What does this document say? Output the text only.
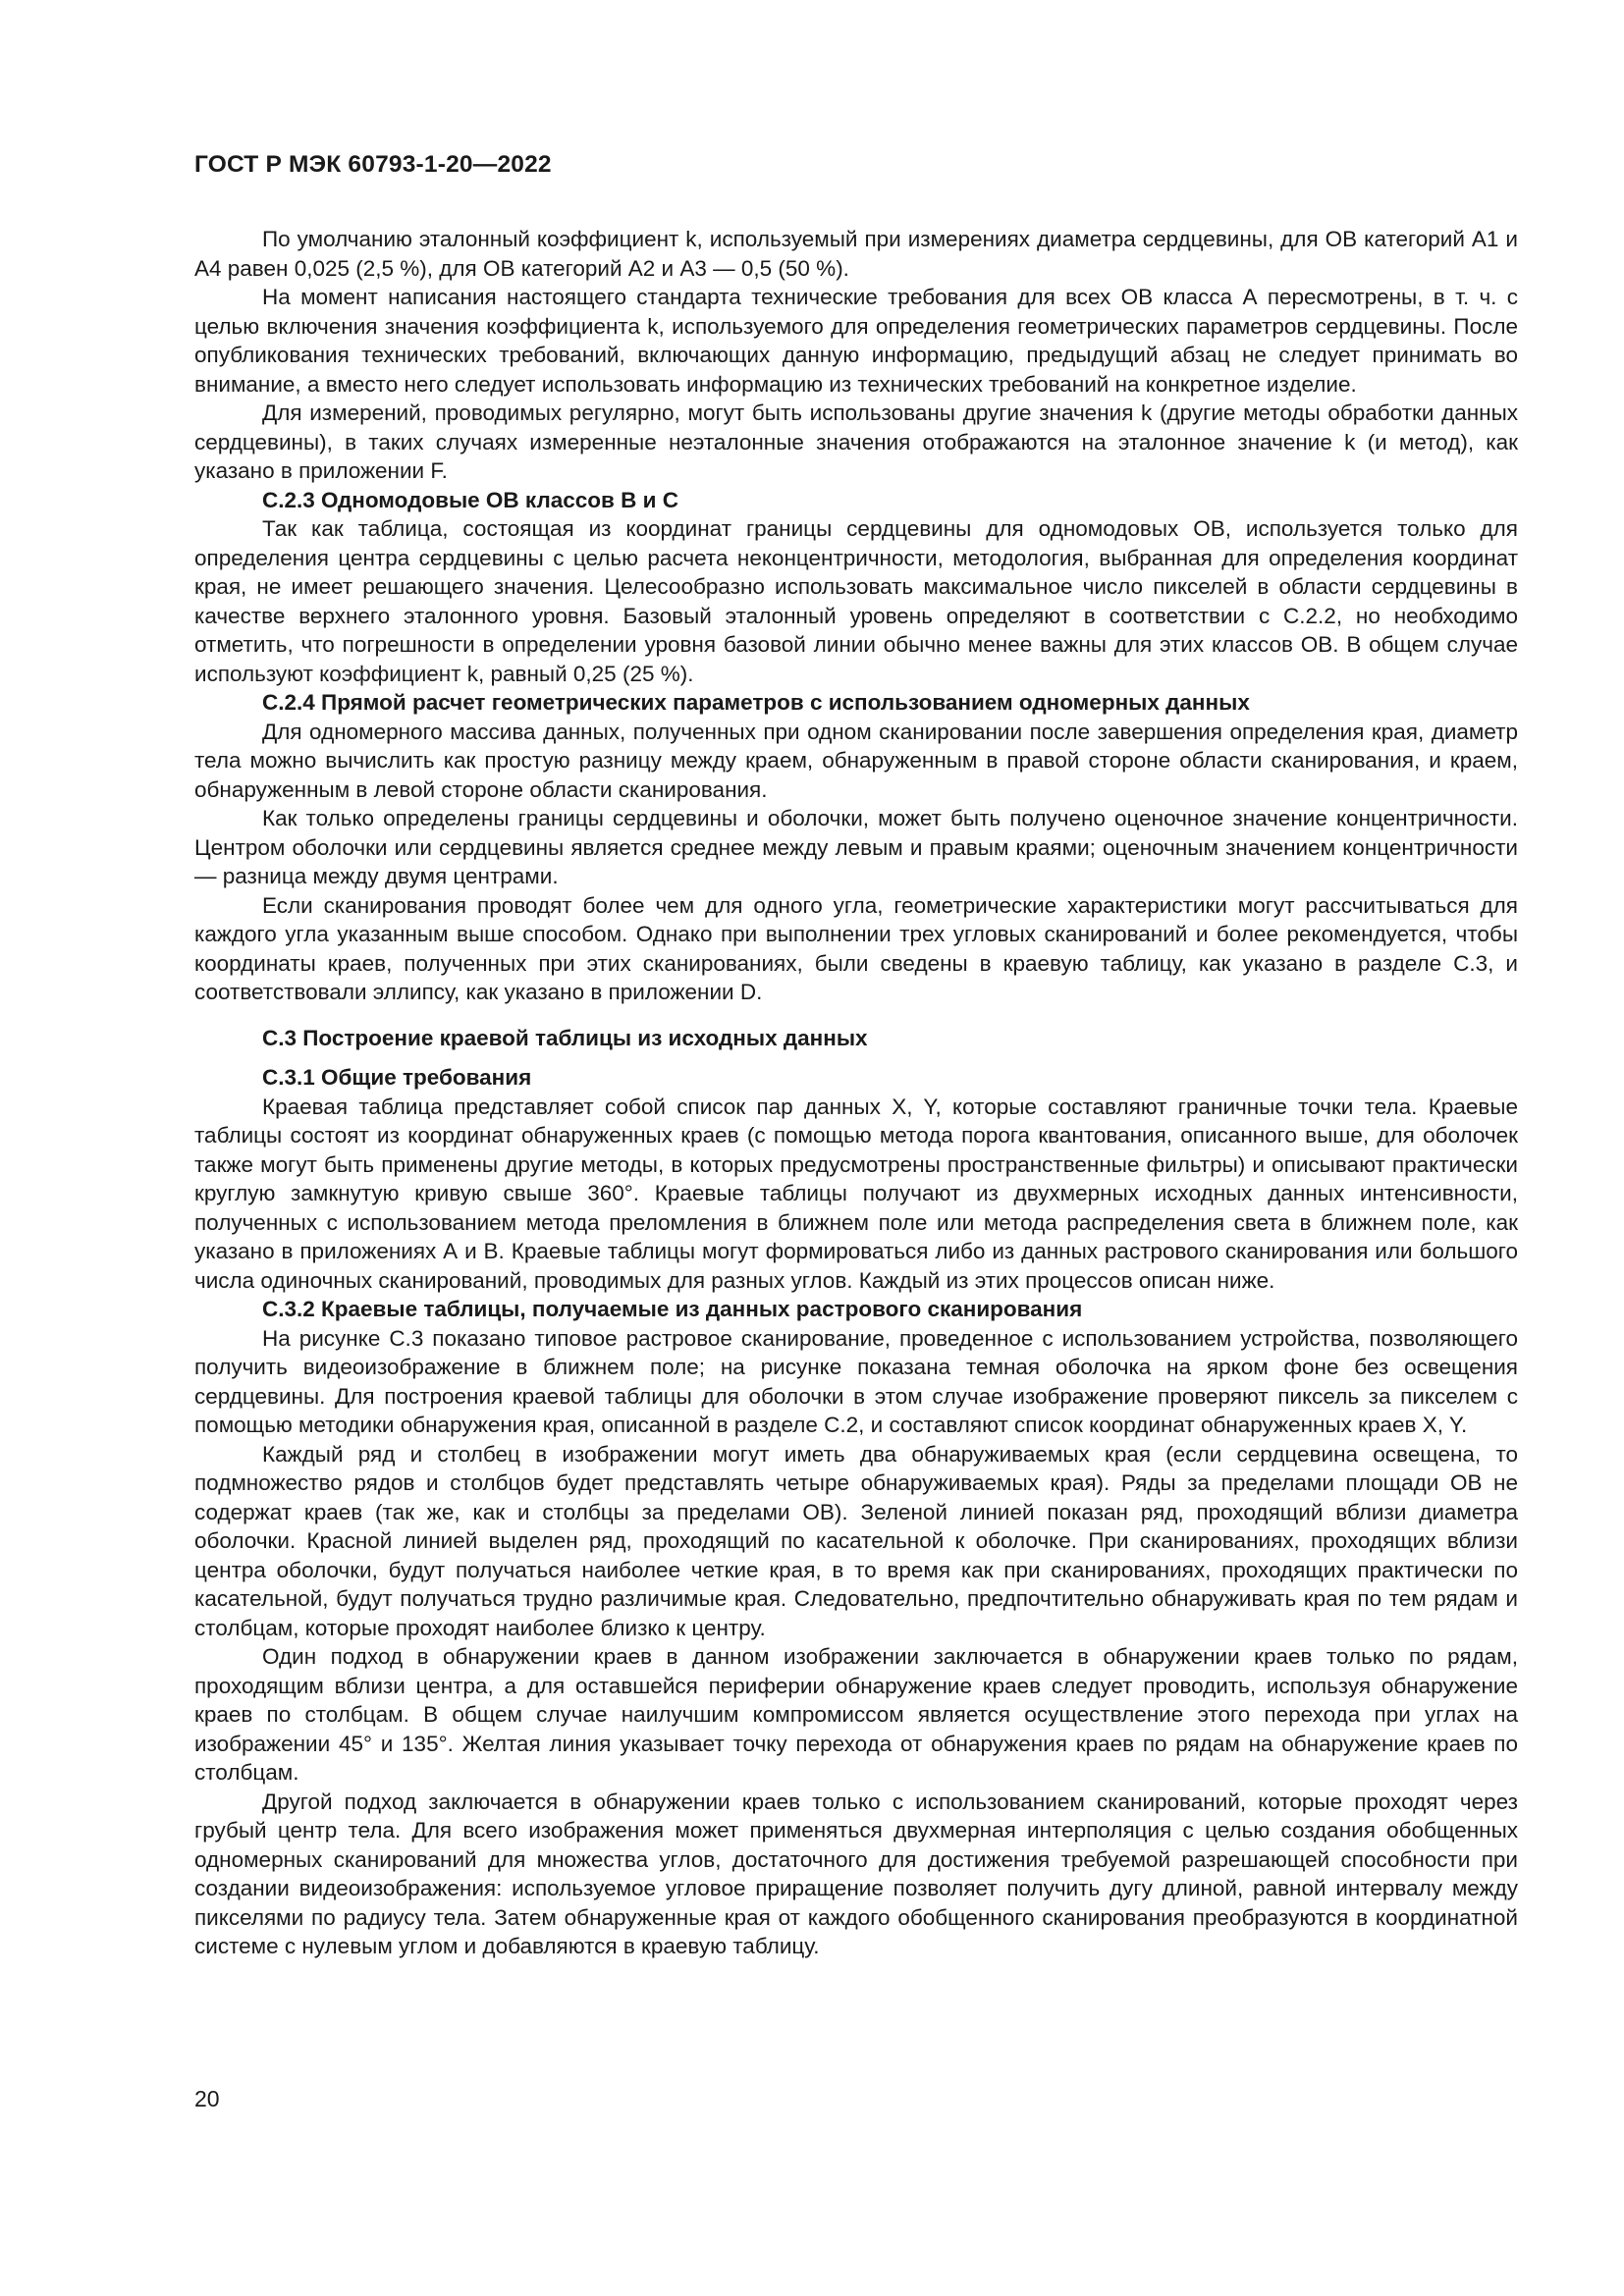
ГОСТ Р МЭК 60793-1-20—2022

По умолчанию эталонный коэффициент k, используемый при измерениях диаметра сердцевины, для ОВ категорий А1 и А4 равен 0,025 (2,5 %), для ОВ категорий А2 и А3 — 0,5 (50 %).

На момент написания настоящего стандарта технические требования для всех ОВ класса А пересмотрены, в т. ч. с целью включения значения коэффициента k, используемого для определения геометрических параметров сердцевины. После опубликования технических требований, включающих данную информацию, предыдущий абзац не следует принимать во внимание, а вместо него следует использовать информацию из технических требований на конкретное изделие.

Для измерений, проводимых регулярно, могут быть использованы другие значения k (другие методы обработки данных сердцевины), в таких случаях измеренные неэталонные значения отображаются на эталонное значение k (и метод), как указано в приложении F.

С.2.3 Одномодовые ОВ классов В и С

Так как таблица, состоящая из координат границы сердцевины для одномодовых ОВ, используется только для определения центра сердцевины с целью расчета неконцентричности, методология, выбранная для определения координат края, не имеет решающего значения. Целесообразно использовать максимальное число пикселей в области сердцевины в качестве верхнего эталонного уровня. Базовый эталонный уровень определяют в соответствии с С.2.2, но необходимо отметить, что погрешности в определении уровня базовой линии обычно менее важны для этих классов ОВ. В общем случае используют коэффициент k, равный 0,25 (25 %).

С.2.4 Прямой расчет геометрических параметров с использованием одномерных данных

Для одномерного массива данных, полученных при одном сканировании после завершения определения края, диаметр тела можно вычислить как простую разницу между краем, обнаруженным в правой стороне области сканирования, и краем, обнаруженным в левой стороне области сканирования.

Как только определены границы сердцевины и оболочки, может быть получено оценочное значение концентричности. Центром оболочки или сердцевины является среднее между левым и правым краями; оценочным значением концентричности — разница между двумя центрами.

Если сканирования проводят более чем для одного угла, геометрические характеристики могут рассчитываться для каждого угла указанным выше способом. Однако при выполнении трех угловых сканирований и более рекомендуется, чтобы координаты краев, полученных при этих сканированиях, были сведены в краевую таблицу, как указано в разделе С.3, и соответствовали эллипсу, как указано в приложении D.

С.3 Построение краевой таблицы из исходных данных
С.3.1 Общие требования

Краевая таблица представляет собой список пар данных X, Y, которые составляют граничные точки тела. Краевые таблицы состоят из координат обнаруженных краев (с помощью метода порога квантования, описанного выше, для оболочек также могут быть применены другие методы, в которых предусмотрены пространственные фильтры) и описывают практически круглую замкнутую кривую свыше 360°. Краевые таблицы получают из двухмерных исходных данных интенсивности, полученных с использованием метода преломления в ближнем поле или метода распределения света в ближнем поле, как указано в приложениях А и В. Краевые таблицы могут формироваться либо из данных растрового сканирования или большого числа одиночных сканирований, проводимых для разных углов. Каждый из этих процессов описан ниже.

С.3.2 Краевые таблицы, получаемые из данных растрового сканирования

На рисунке С.3 показано типовое растровое сканирование, проведенное с использованием устройства, позволяющего получить видеоизображение в ближнем поле; на рисунке показана темная оболочка на ярком фоне без освещения сердцевины. Для построения краевой таблицы для оболочки в этом случае изображение проверяют пиксель за пикселем с помощью методики обнаружения края, описанной в разделе С.2, и составляют список координат обнаруженных краев X, Y.

Каждый ряд и столбец в изображении могут иметь два обнаруживаемых края (если сердцевина освещена, то подмножество рядов и столбцов будет представлять четыре обнаруживаемых края). Ряды за пределами площади ОВ не содержат краев (так же, как и столбцы за пределами ОВ). Зеленой линией показан ряд, проходящий вблизи диаметра оболочки. Красной линией выделен ряд, проходящий по касательной к оболочке. При сканированиях, проходящих вблизи центра оболочки, будут получаться наиболее четкие края, в то время как при сканированиях, проходящих практически по касательной, будут получаться трудно различимые края. Следовательно, предпочтительно обнаруживать края по тем рядам и столбцам, которые проходят наиболее близко к центру.

Один подход в обнаружении краев в данном изображении заключается в обнаружении краев только по рядам, проходящим вблизи центра, а для оставшейся периферии обнаружение краев следует проводить, используя обнаружение краев по столбцам. В общем случае наилучшим компромиссом является осуществление этого перехода при углах на изображении 45° и 135°. Желтая линия указывает точку перехода от обнаружения краев по рядам на обнаружение краев по столбцам.

Другой подход заключается в обнаружении краев только с использованием сканирований, которые проходят через грубый центр тела. Для всего изображения может применяться двухмерная интерполяция с целью создания обобщенных одномерных сканирований для множества углов, достаточного для достижения требуемой разрешающей способности при создании видеоизображения: используемое угловое приращение позволяет получить дугу длиной, равной интервалу между пикселями по радиусу тела. Затем обнаруженные края от каждого обобщенного сканирования преобразуются в координатной системе с нулевым углом и добавляются в краевую таблицу.

20
